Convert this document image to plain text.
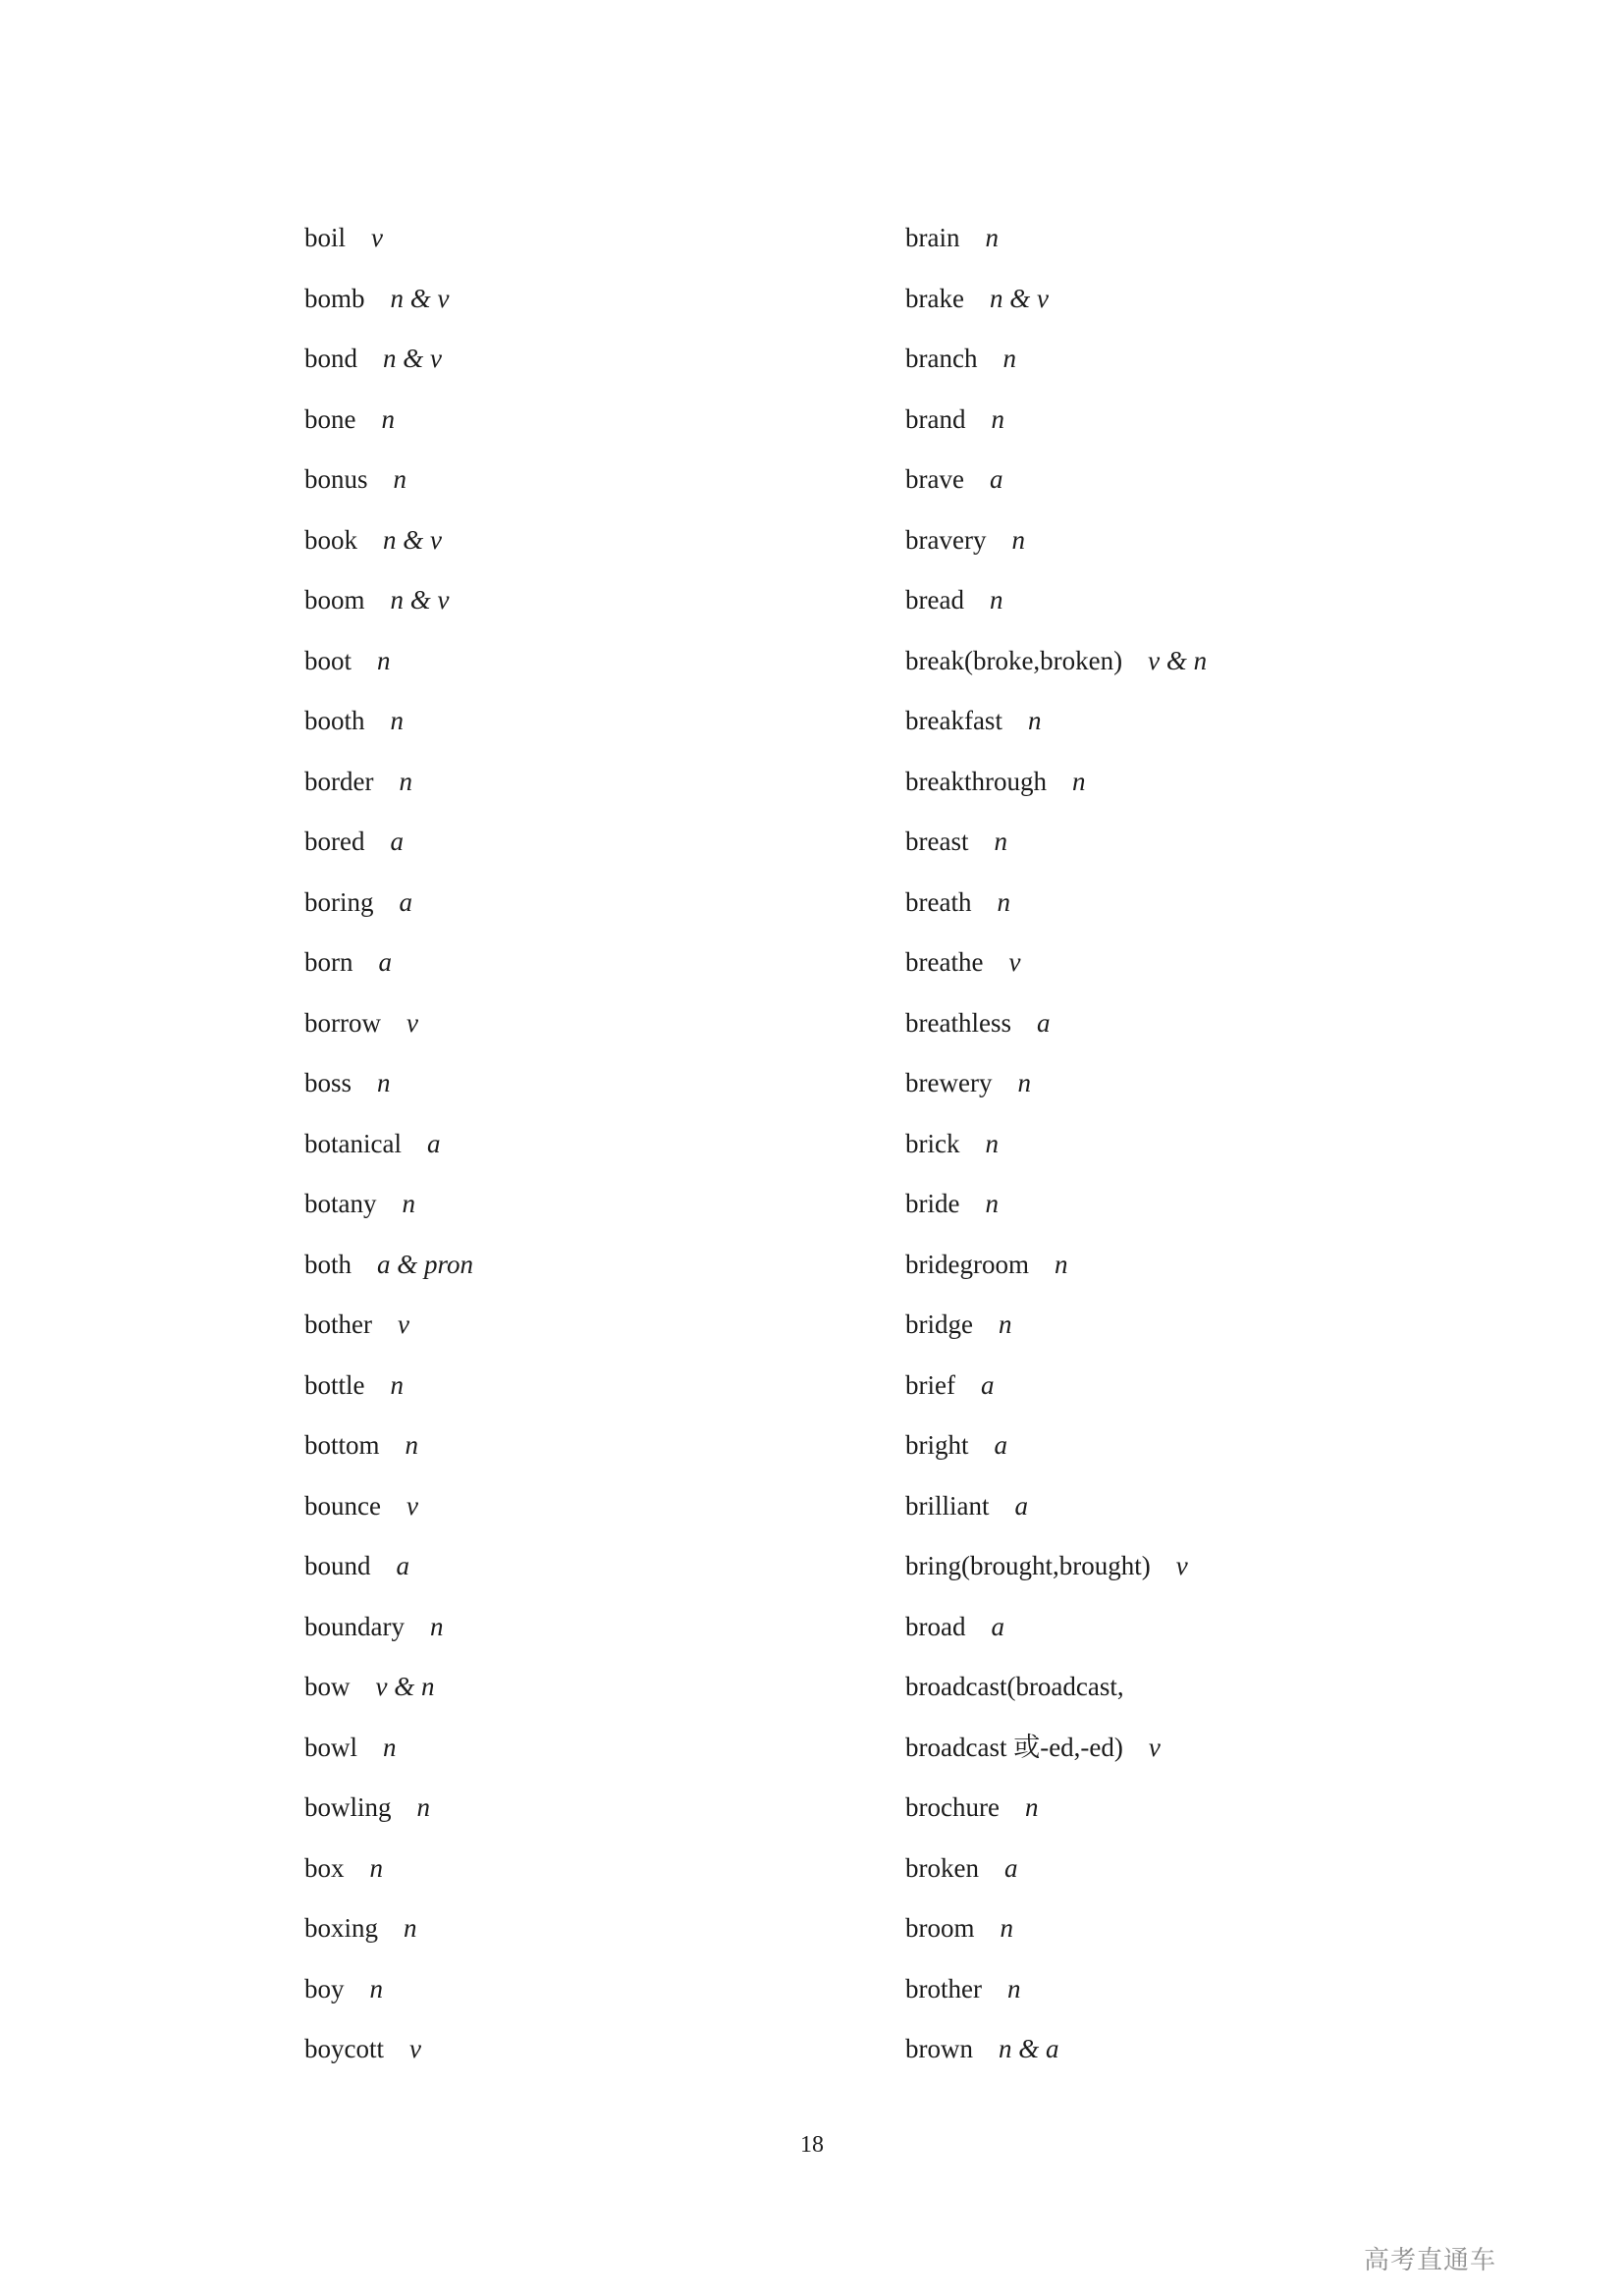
boil v
bomb n & v
bond n & v
bone n
bonus n
book n & v
boom n & v
boot n
booth n
border n
bored a
boring a
born a
borrow v
boss n
botanical a
botany n
both a & pron
bother v
bottle n
bottom n
bounce v
bound a
boundary n
bow v & n
bowl n
bowling n
box n
boxing n
boy n
boycott v
brain n
brake n & v
branch n
brand n
brave a
bravery n
bread n
break(broke,broken) v & n
breakfast n
breakthrough n
breast n
breath n
breathe v
breathless a
brewery n
brick n
bride n
bridegroom n
bridge n
brief a
bright a
brilliant a
bring(brought,brought) v
broad a
broadcast(broadcast,
broadcast 或-ed,-ed) v
brochure n
broken a
broom n
brother n
brown n & a
18
高考直通车
